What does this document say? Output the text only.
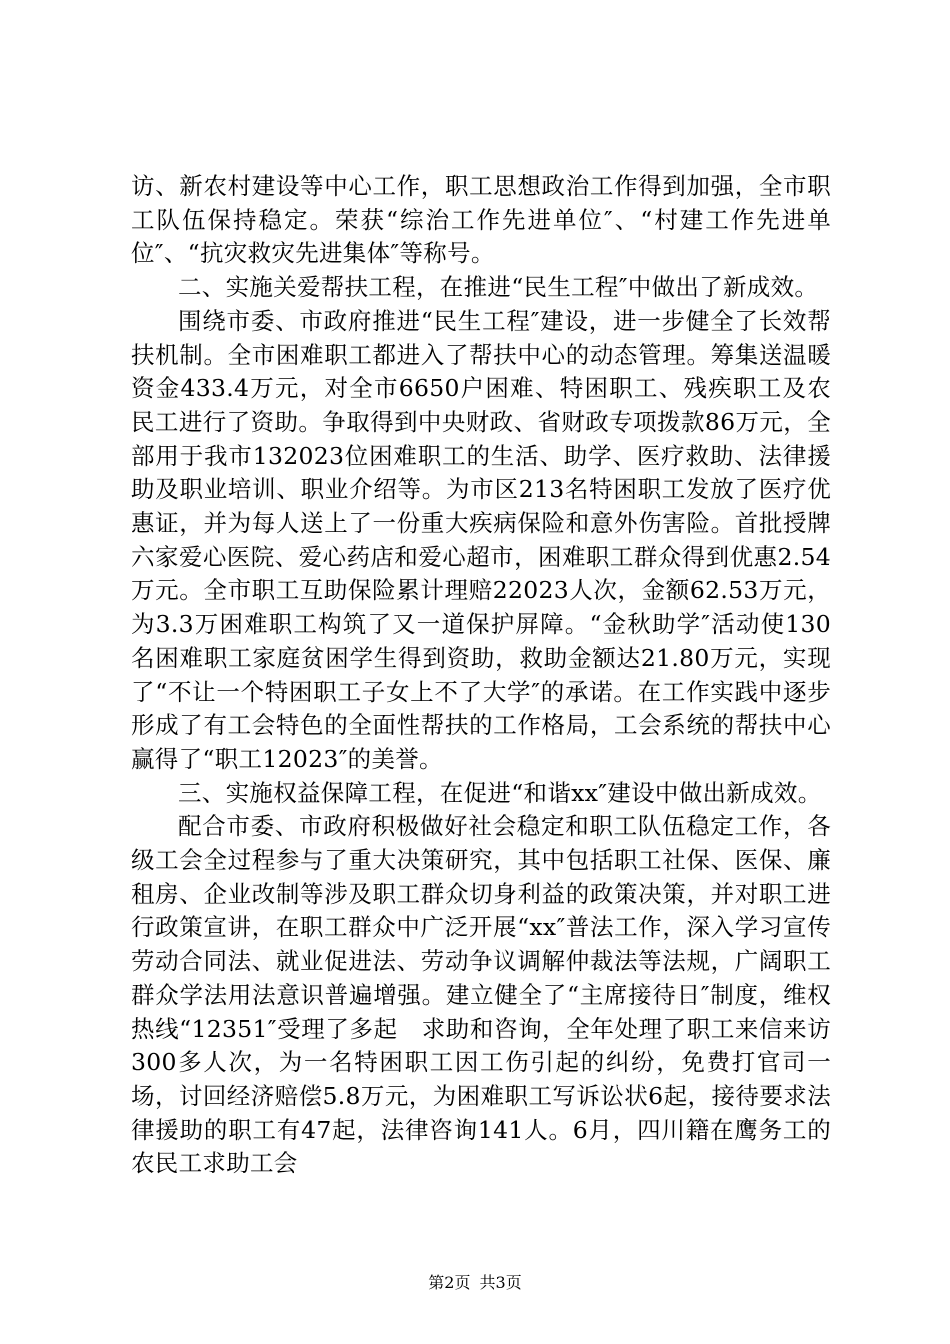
访、新农村建设等中心工作，职工思想政治工作得到加强，全市职工队伍保持稳定。荣获“综治工作先进单位″、“村建工作先进单位″、“抗灾救灾先进集体″等称号。

二、实施关爱帮扶工程，在推进“民生工程″中做出了新成效。

围绕市委、市政府推进“民生工程″建设，进一步健全了长效帮扶机制。全市困难职工都进入了帮扶中心的动态管理。筹集送温暖资金433.4万元，对全市6650户困难、特困职工、残疾职工及农民工进行了资助。争取得到中央财政、省财政专项拨款86万元，全部用于我市132023位困难职工的生活、助学、医疗救助、法律援助及职业培训、职业介绍等。为市区213名特困职工发放了医疗优惠证，并为每人送上了一份重大疾病保险和意外伤害险。首批授牌六家爱心医院、爱心药店和爱心超市，困难职工群众得到优惠2.54万元。全市职工互助保险累计理赔22023人次，金额62.53万元，为3.3万困难职工构筑了又一道保护屏障。“金秋助学″活动使130名困难职工家庭贫困学生得到资助，救助金额达21.80万元，实现了“不让一个特困职工子女上不了大学″的承诺。在工作实践中逐步形成了有工会特色的全面性帮扶的工作格局，工会系统的帮扶中心赢得了“职工12023″的美誉。

三、实施权益保障工程，在促进“和谐xx″建设中做出新成效。

配合市委、市政府积极做好社会稳定和职工队伍稳定工作，各级工会全过程参与了重大决策研究，其中包括职工社保、医保、廉租房、企业改制等涉及职工群众切身利益的政策决策，并对职工进行政策宣讲，在职工群众中广泛开展“xx″普法工作，深入学习宣传劳动合同法、就业促进法、劳动争议调解仲裁法等法规，广阔职工群众学法用法意识普遍增强。建立健全了“主席接待日″制度，维权热线“12351″受理了多起　求助和咨询，全年处理了职工来信来访300多人次，为一名特困职工因工伤引起的纠纷，免费打官司一场，讨回经济赔偿5.8万元，为困难职工写诉讼状6起，接待要求法律援助的职工有47起，法律咨询141人。6月，四川籍在鹰务工的农民工求助工会

第2页 共3页
